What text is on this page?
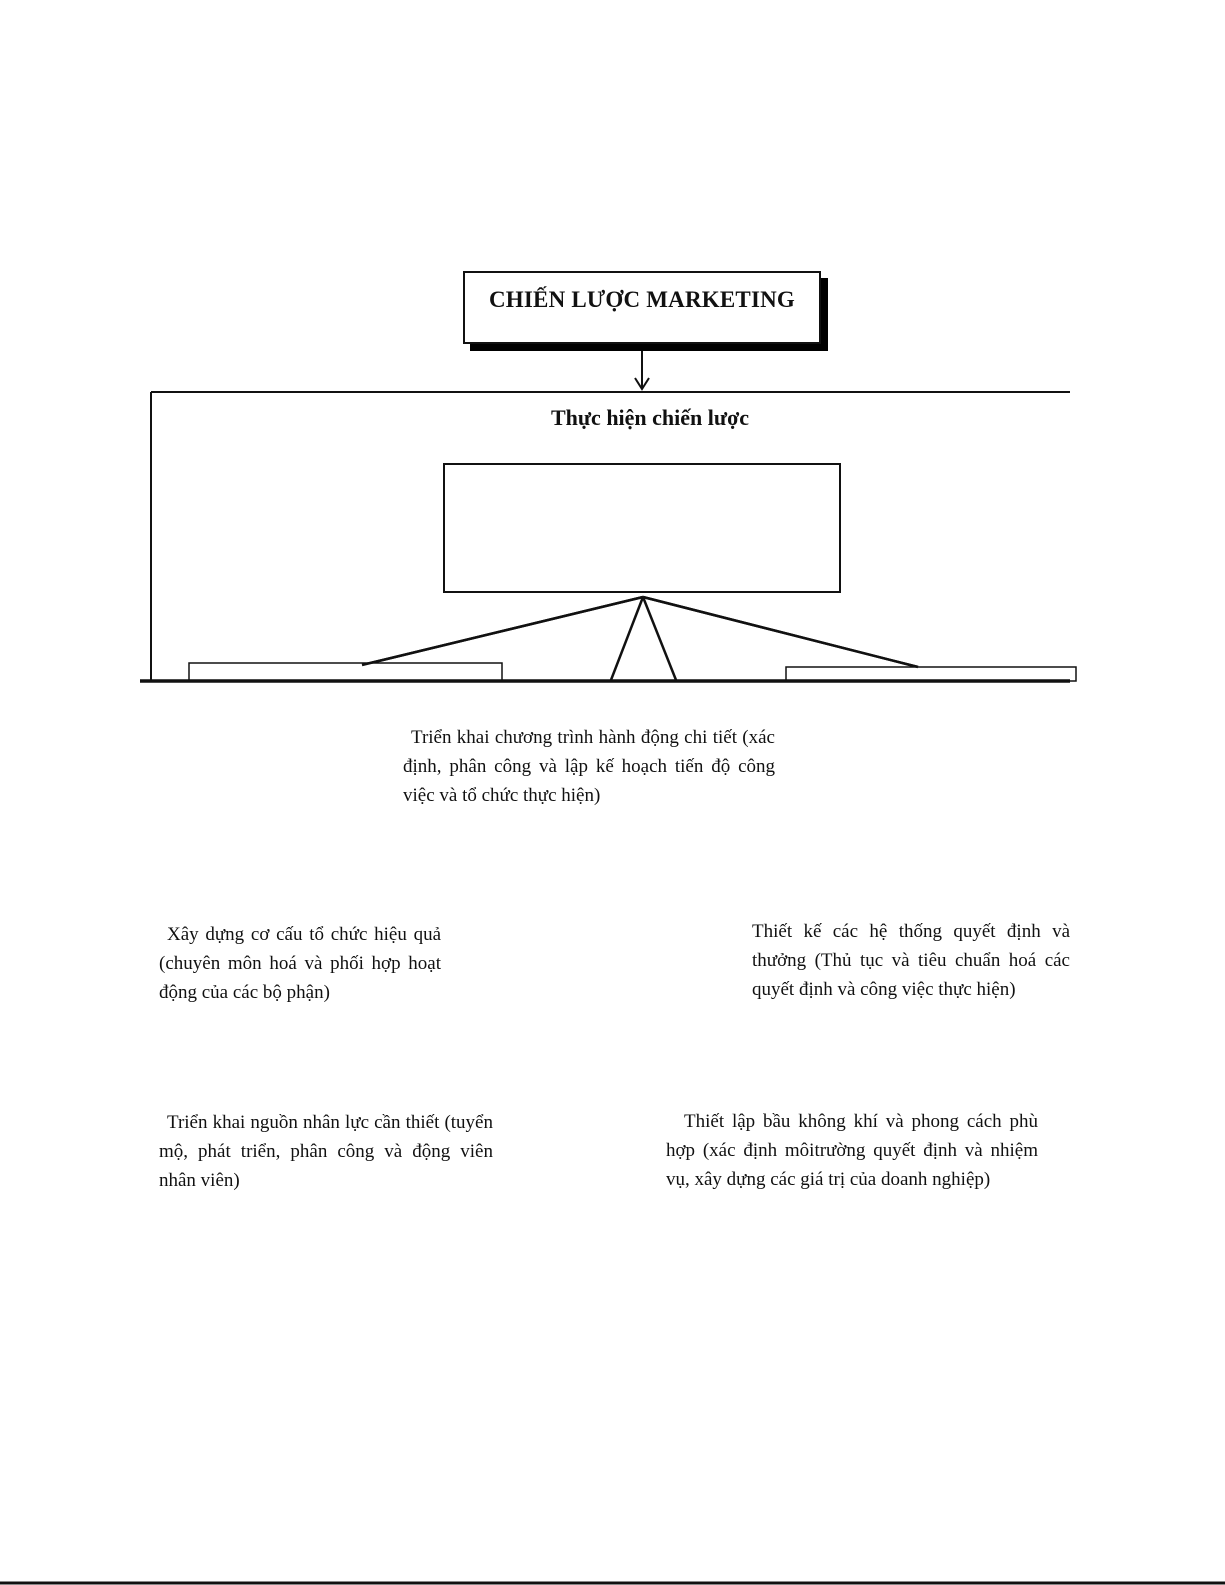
CHIẾN LƯỢC MARKETING
Thực hiện chiến lược
Triển khai chương trình hành động chi tiết (xác định, phân công và lập kế hoạch tiến độ công việc và tổ chức thực hiện)
Xây dựng cơ cấu tổ chức hiệu quả (chuyên môn hoá và phối hợp hoạt động của các bộ phận)
Thiết kế các hệ thống quyết định và thưởng (Thủ tục và tiêu chuẩn hoá các quyết định và công việc thực hiện)
Triển khai nguồn nhân lực cần thiết (tuyển mộ, phát triển, phân công và động viên nhân viên)
Thiết lập bầu không khí và phong cách phù hợp (xác định môitrường quyết định và nhiệm vụ, xây dựng các giá trị của doanh nghiệp)
